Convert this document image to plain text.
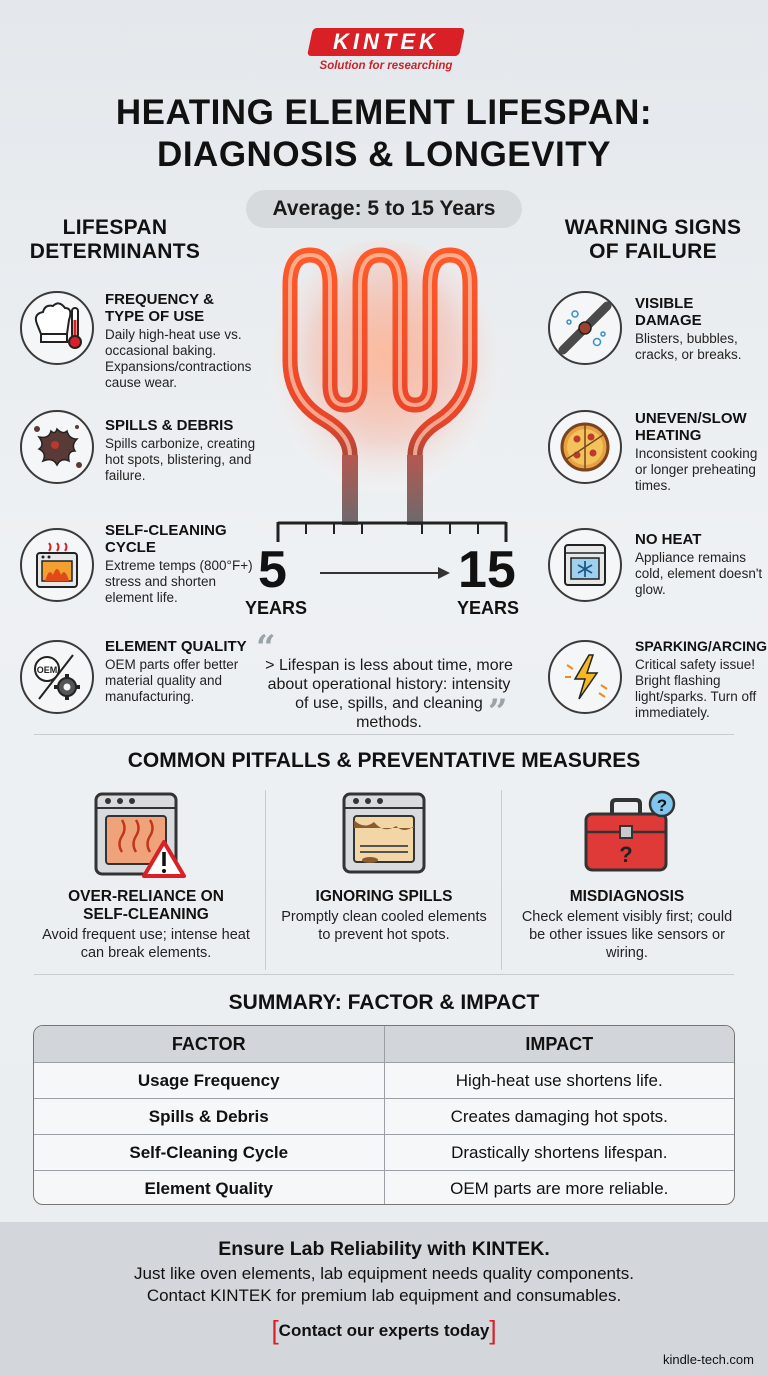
KINTEK
Solution for researching
HEATING ELEMENT LIFESPAN:
DIAGNOSIS & LONGEVITY
Average: 5 to 15 Years
LIFESPAN
DETERMINANTS
WARNING SIGNS
OF FAILURE
5
YEARS
15
YEARS
“
> Lifespan is less about time, more about operational history: intensity of use, spills, and cleaning methods.	”
FREQUENCY &
TYPE OF USE
Daily high-heat use vs. occasional baking. Expansions/contractions cause wear.
SPILLS & DEBRIS
Spills carbonize, creating hot spots, blistering, and failure.
SELF-CLEANING
CYCLE
Extreme temps (800°F+) stress and shorten element life.
OEM
ELEMENT QUALITY
OEM parts offer better material quality and manufacturing.
VISIBLE
DAMAGE
Blisters, bubbles, cracks, or breaks.
UNEVEN/SLOW
HEATING
Inconsistent cooking or longer preheating times.
NO HEAT
Appliance remains cold, element doesn't glow.
SPARKING/ARCING
Critical safety issue! Bright flashing light/sparks. Turn off immediately.
COMMON PITFALLS & PREVENTATIVE MEASURES
OVER-RELIANCE ON
SELF-CLEANING
Avoid frequent use; intense heat can break elements.
IGNORING SPILLS
Promptly clean cooled elements to prevent hot spots.
?
?
MISDIAGNOSIS
Check element visibly first; could be other issues like sensors or wiring.
SUMMARY: FACTOR & IMPACT
FACTOR	IMPACT
Usage Frequency	High-heat use shortens life.
Spills & Debris	Creates damaging hot spots.
Self-Cleaning Cycle	Drastically shortens lifespan.
Element Quality	OEM parts are more reliable.
Ensure Lab Reliability with KINTEK.
Just like oven elements, lab equipment needs quality components.
Contact KINTEK for premium lab equipment and consumables.
[Contact our experts today]
kindle-tech.com
